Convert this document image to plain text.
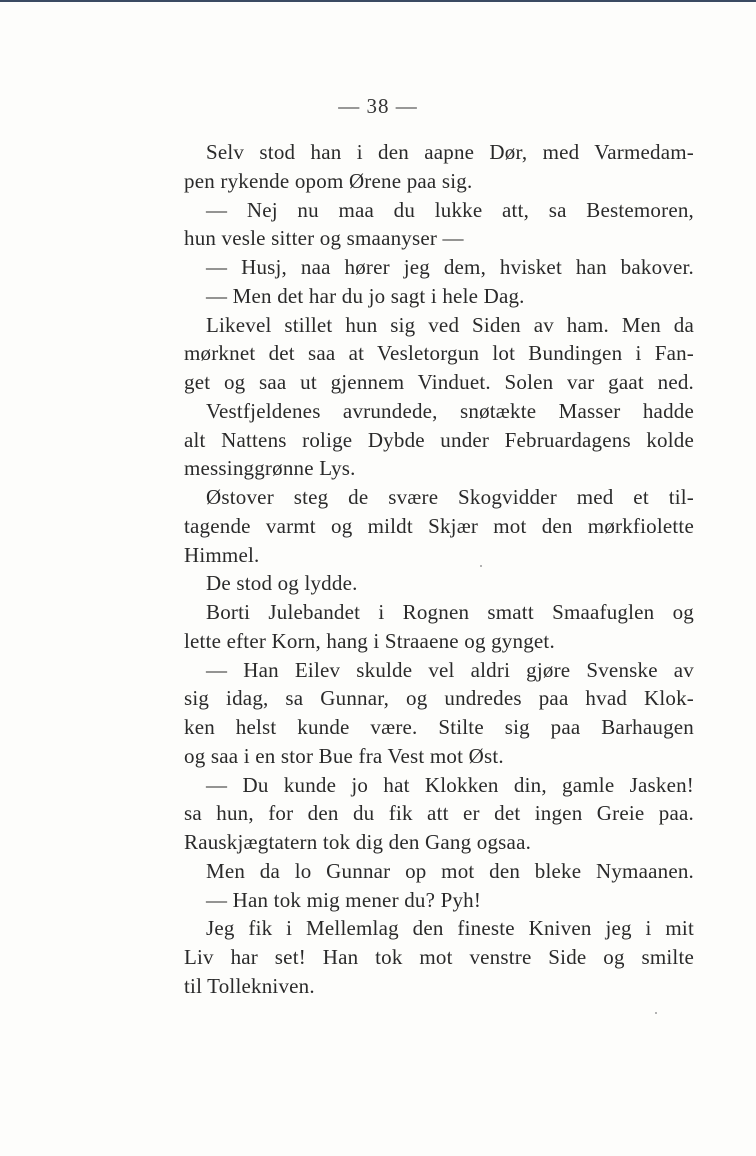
— 38 —
Selv stod han i den aapne Dør, med Varmedam-
pen rykende opom Ørene paa sig.
— Nej nu maa du lukke att, sa Bestemoren,
hun vesle sitter og smaanyser —
— Husj, naa hører jeg dem, hvisket han bakover.
— Men det har du jo sagt i hele Dag.
Likevel stillet hun sig ved Siden av ham. Men da
mørknet det saa at Vesletorgun lot Bundingen i Fan-
get og saa ut gjennem Vinduet. Solen var gaat ned.
Vestfjeldenes avrundede, snøtækte Masser hadde
alt Nattens rolige Dybde under Februardagens kolde
messinggrønne Lys.
Østover steg de svære Skogvidder med et til-
tagende varmt og mildt Skjær mot den mørkfiolette
Himmel.
De stod og lydde.
Borti Julebandet i Rognen smatt Smaafuglen og
lette efter Korn, hang i Straaene og gynget.
— Han Eilev skulde vel aldri gjøre Svenske av
sig idag, sa Gunnar, og undredes paa hvad Klok-
ken helst kunde være. Stilte sig paa Barhaugen
og saa i en stor Bue fra Vest mot Øst.
— Du kunde jo hat Klokken din, gamle Jasken!
sa hun, for den du fik att er det ingen Greie paa.
Rauskjægtatern tok dig den Gang ogsaa.
Men da lo Gunnar op mot den bleke Nymaanen.
— Han tok mig mener du? Pyh!
Jeg fik i Mellemlag den fineste Kniven jeg i mit
Liv har set! Han tok mot venstre Side og smilte
til Tollekniven.
